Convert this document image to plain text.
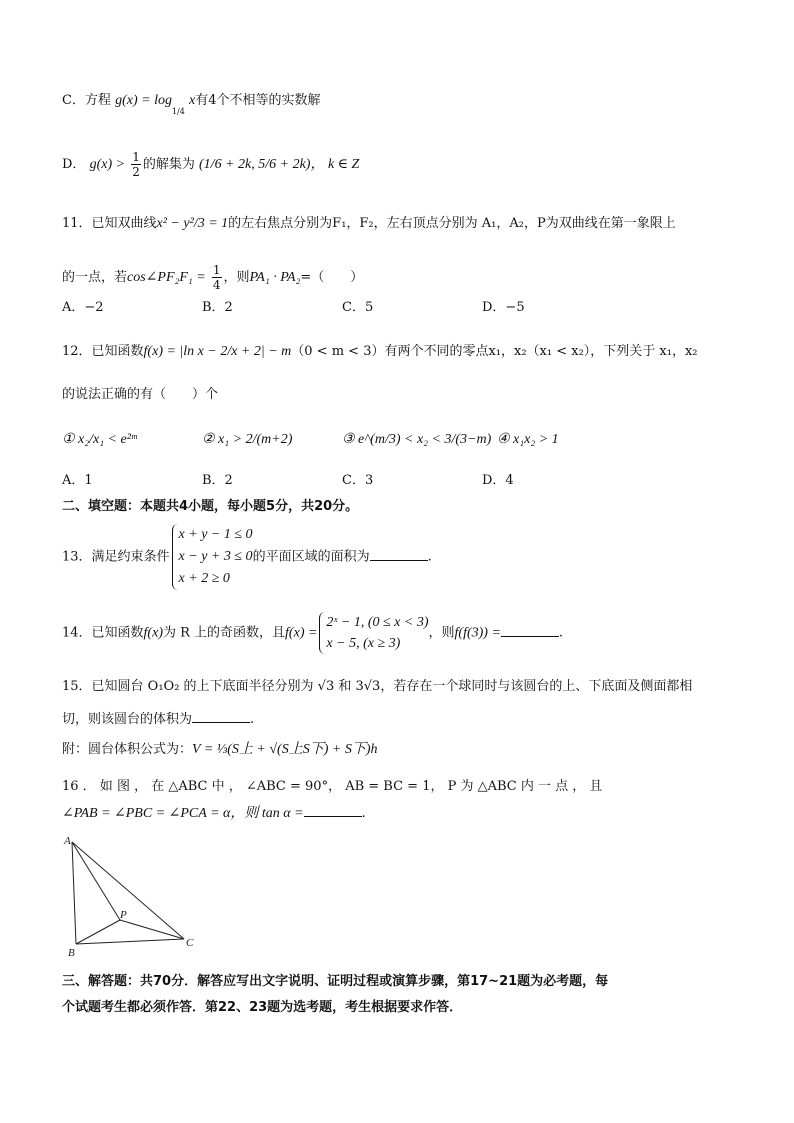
C．方程 $g(x) = \log_{1/4} x$有4个不相等的实数解
D． $g(x) > \frac{1}{2}$ 的解集为 (1/6 + 2k, 5/6 + 2k)， k ∈ Z
11．已知双曲线x² − y²/3 = 1的左右焦点分别为F₁，F₂，左右顶点分别为 A₁，A₂，P为双曲线在第一象限上
的一点，若cos∠PF₂F₁ = $\frac{1}{4}$ ，则PA₁ · PA₂=（　　）
A．−2	B．2	C．5	D．−5
12．已知函数f(x) = |ln x − 2/x + 2| − m（0 < m < 3）有两个不同的零点x₁，x₂（x₁ < x₂），下列关于 x₁，x₂
的说法正确的有（　　）个
① x₂/x₁ < e²ᵐ	② x₁ > 2/(m+2)	③ e^(m/3) < x₂ < 3/(3−m) ④ x₁x₂ > 1
A．1	B．2	C．3	D．4
二、填空题：本题共4小题，每小题5分，共20分。
13．满足约束条件
x + y − 1 ≤ 0
x − y + 3 ≤ 0
x + 2 ≥ 0
的平面区域的面积为	.
14．已知函数f(x)为 R 上的奇函数，且f(x) =
2ˣ − 1, (0 ≤ x < 3)
x − 5, (x ≥ 3)
，则f(f(3)) =	.
15．已知圆台 O₁O₂ 的上下底面半径分别为 √3 和 3√3，若存在一个球同时与该圆台的上、下底面及侧面都相
切，则该圆台的体积为	.
附：圆台体积公式为：V = ⅓(S上 + √(S上S下) + S下)h
16 ． 如 图 ， 在 △ABC 中 ， ∠ABC = 90°， AB = BC = 1， P 为 △ABC 内 一 点 ， 且
∠PAB = ∠PBC = ∠PCA = α，则 tan α =	.
A
B
C
P
三、解答题：共70分．解答应写出文字说明、证明过程或演算步骤，第17~21题为必考题，每
个试题考生都必须作答．第22、23题为选考题，考生根据要求作答．
